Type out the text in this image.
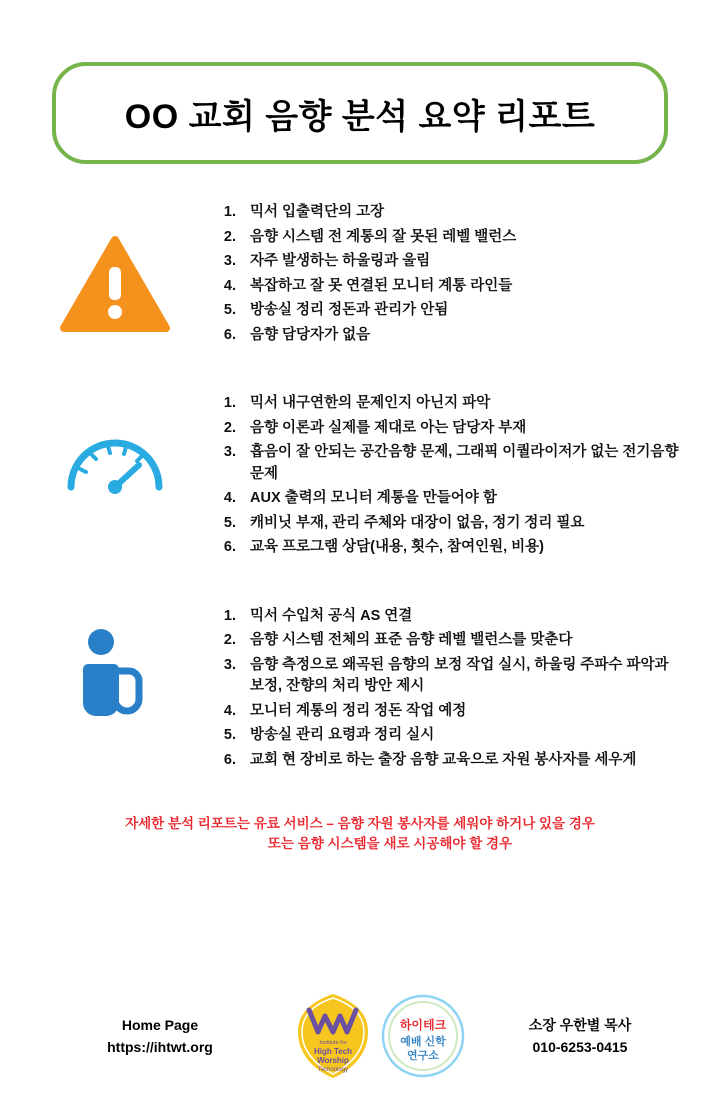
OO 교회 음향 분석 요약 리포트
믹서 입출력단의 고장
음향 시스템 전 계통의 잘 못된 레벨 밸런스
자주 발생하는 하울링과 울림
복잡하고 잘 못 연결된 모니터 계통 라인들
방송실 정리 정돈과 관리가 안됨
음향 담당자가 없음
믹서 내구연한의 문제인지 아닌지 파악
음향 이론과 실제를 제대로 아는 담당자 부재
흡음이 잘 안되는 공간음향 문제, 그래픽 이퀄라이저가 없는 전기음향 문제
AUX 출력의 모니터 계통을 만들어야 함
캐비닛 부재, 관리 주체와 대장이 없음, 정기 정리 필요
교육 프로그램 상담(내용, 횟수, 참여인원, 비용)
믹서 수입처 공식 AS 연결
음향 시스템 전체의 표준 음향 레벨 밸런스를 맞춘다
음향 측정으로 왜곡된 음향의 보정 작업 실시, 하울링 주파수 파악과 보정, 잔향의 처리 방안 제시
모니터 계통의 정리 정돈 작업 예정
방송실 관리 요령과 정리 실시
교회 현 장비로 하는 출장 음향 교육으로 자원 봉사자를 세우게
자세한 분석 리포트는 유료 서비스 – 음향 자원 봉사자를 세워야 하거나 있을 경우
또는 음향 시스템을 새로 시공해야 할 경우
Home Page
https://ihtwt.org	Institute for
High Tech
Worship
Technology
하이테크
예배 신학
연구소
소장 우한별 목사
010-6253-0415
